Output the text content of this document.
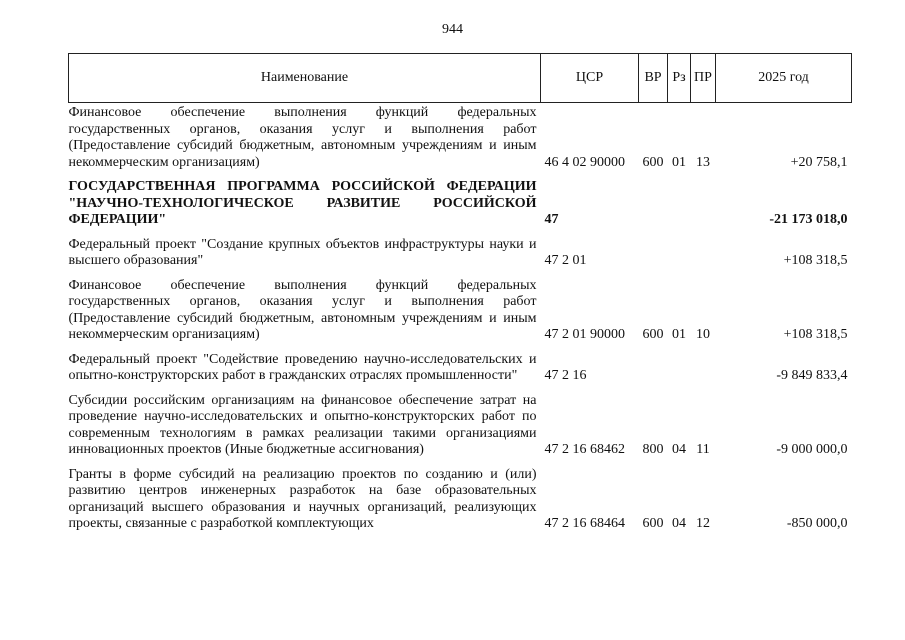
944
Наименование	ЦСР	ВР	Рз	ПР	2025 год
Финансовое обеспечение выполнения функций федеральных государственных органов, оказания услуг и выполнения работ (Предоставление субсидий бюджетным, автономным учреждениям и иным некоммерческим организациям)	46 4 02 90000	600	01	13	+20 758,1

ГОСУДАРСТВЕННАЯ ПРОГРАММА РОССИЙСКОЙ ФЕДЕРАЦИИ "НАУЧНО-ТЕХНОЛОГИЧЕСКОЕ РАЗВИТИЕ РОССИЙСКОЙ ФЕДЕРАЦИИ"	47				-21 173 018,0

Федеральный проект "Создание крупных объектов инфраструктуры науки и высшего образования"	47 2 01				+108 318,5

Финансовое обеспечение выполнения функций федеральных государственных органов, оказания услуг и выполнения работ (Предоставление субсидий бюджетным, автономным учреждениям и иным некоммерческим организациям)	47 2 01 90000	600	01	10	+108 318,5

Федеральный проект "Содействие проведению научно-исследовательских и опытно-конструкторских работ в гражданских отраслях промышленности"	47 2 16				-9 849 833,4

Субсидии российским организациям на финансовое обеспечение затрат на проведение научно-исследовательских и опытно-конструкторских работ по современным технологиям в рамках реализации такими организациями инновационных проектов (Иные бюджетные ассигнования)	47 2 16 68462	800	04	11	-9 000 000,0

Гранты в форме субсидий на реализацию проектов по созданию и (или) развитию центров инженерных разработок на базе образовательных организаций высшего образования и научных организаций, реализующих проекты, связанные с разработкой комплектующих	47 2 16 68464	600	04	12	-850 000,0
